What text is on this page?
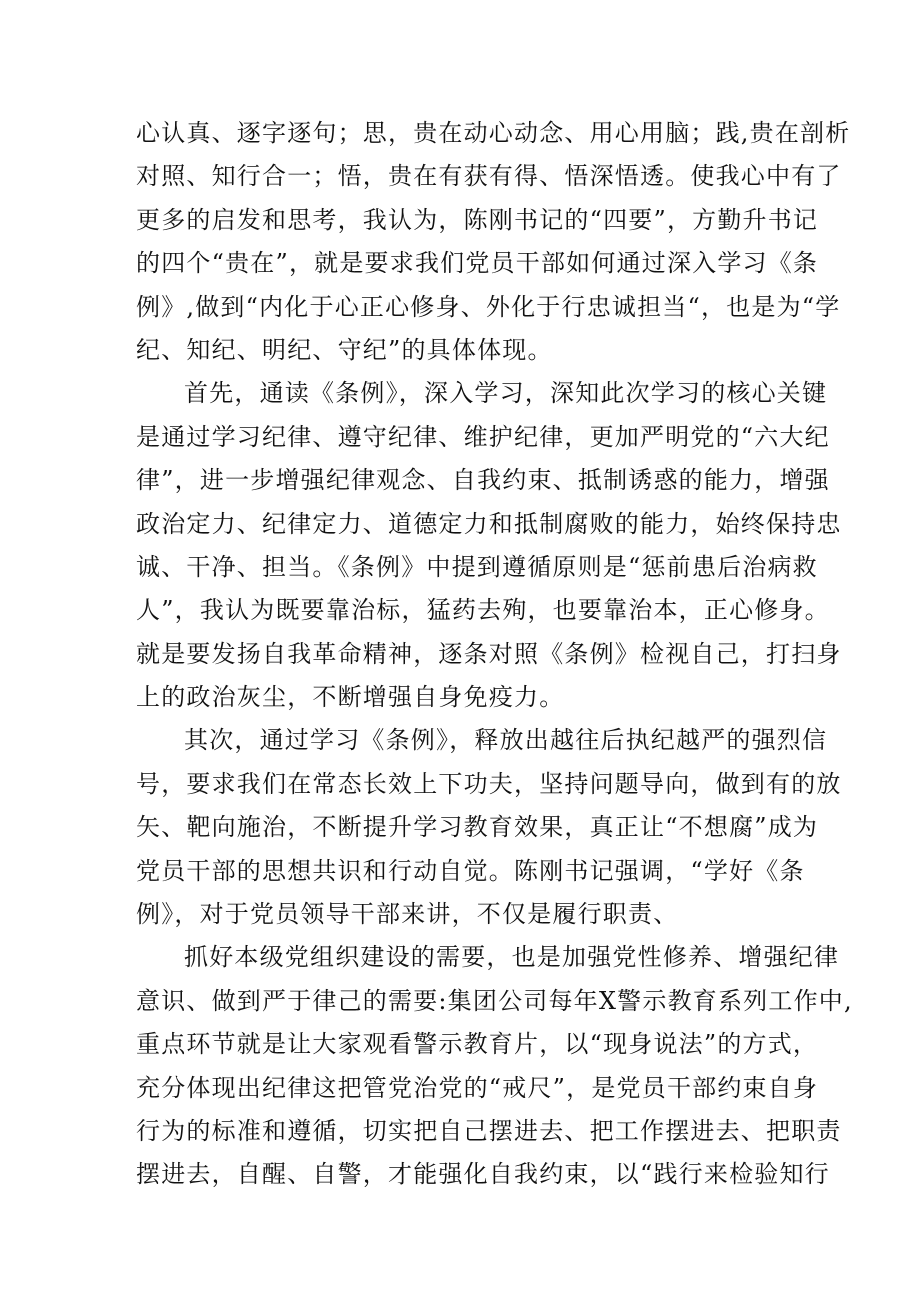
心认真、逐字逐句；思，贵在动心动念、用心用脑；践,贵在剖析
对照、知行合一；悟，贵在有获有得、悟深悟透。使我心中有了
更多的启发和思考，我认为，陈刚书记的“四要”，方勤升书记
的四个“贵在”，就是要求我们党员干部如何通过深入学习《条
例》,做到“内化于心正心修身、外化于行忠诚担当“，也是为“学
纪、知纪、明纪、守纪”的具体体现。
首先，通读《条例》，深入学习，深知此次学习的核心关键
是通过学习纪律、遵守纪律、维护纪律，更加严明党的“六大纪
律”，进一步增强纪律观念、自我约束、抵制诱惑的能力，增强
政治定力、纪律定力、道德定力和抵制腐败的能力，始终保持忠
诚、干净、担当。《条例》中提到遵循原则是“惩前患后治病救
人”，我认为既要靠治标，猛药去殉，也要靠治本，正心修身。
就是要发扬自我革命精神，逐条对照《条例》检视自己，打扫身
上的政治灰尘，不断增强自身免疫力。
其次，通过学习《条例》，释放出越往后执纪越严的强烈信
号，要求我们在常态长效上下功夫，坚持问题导向，做到有的放
矢、靶向施治，不断提升学习教育效果，真正让“不想腐”成为
党员干部的思想共识和行动自觉。陈刚书记强调，“学好《条
例》，对于党员领导干部来讲，不仅是履行职责、
抓好本级党组织建设的需要，也是加强党性修养、增强纪律
意识、做到严于律己的需要:集团公司每年X警示教育系列工作中,
重点环节就是让大家观看警示教育片，以“现身说法”的方式，
充分体现出纪律这把管党治党的“戒尺”，是党员干部约束自身
行为的标准和遵循，切实把自己摆进去、把工作摆进去、把职责
摆进去，自醒、自警，才能强化自我约束，以“践行来检验知行
